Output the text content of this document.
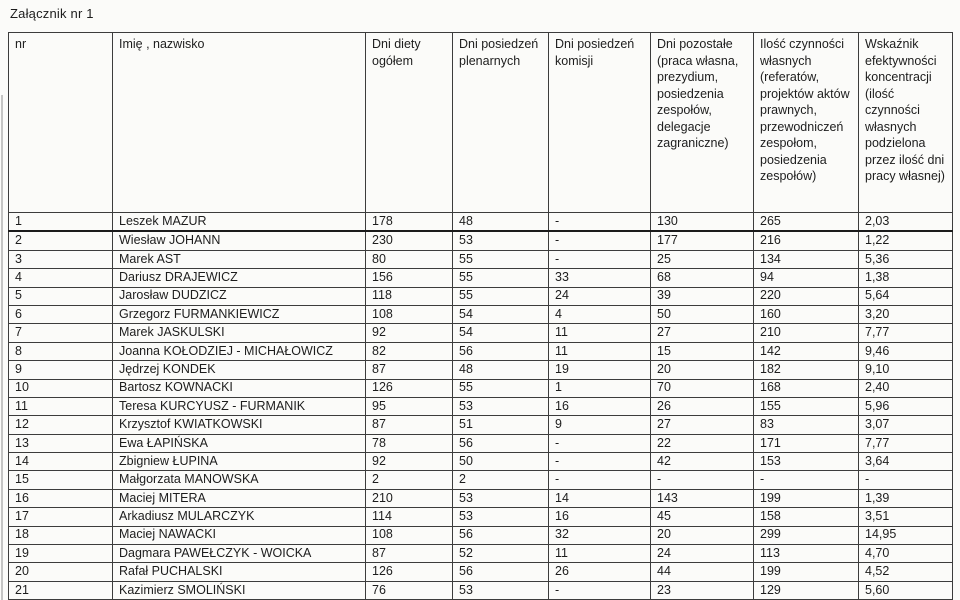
Załącznik nr 1
nr	Imię , nazwisko	Dni diety ogółem	Dni posiedzeń plenarnych	Dni posiedzeń komisji	Dni pozostałe (praca własna, prezydium, posiedzenia zespołów, delegacje zagraniczne)	Ilość czynności własnych (referatów, projektów aktów prawnych, przewodniczeń zespołom, posiedzenia zespołów)	Wskaźnik efektywności koncentracji (ilość czynności własnych podzielona przez ilość dni pracy własnej)
1	Leszek MAZUR	178	48	-	130	265	2,03
2	Wiesław JOHANN	230	53	-	177	216	1,22
3	Marek AST	80	55	-	25	134	5,36
4	Dariusz DRAJEWICZ	156	55	33	68	94	1,38
5	Jarosław DUDZICZ	118	55	24	39	220	5,64
6	Grzegorz FURMANKIEWICZ	108	54	4	50	160	3,20
7	Marek JASKULSKI	92	54	11	27	210	7,77
8	Joanna KOŁODZIEJ - MICHAŁOWICZ	82	56	11	15	142	9,46
9	Jędrzej KONDEK	87	48	19	20	182	9,10
10	Bartosz KOWNACKI	126	55	1	70	168	2,40
11	Teresa KURCYUSZ - FURMANIK	95	53	16	26	155	5,96
12	Krzysztof KWIATKOWSKI	87	51	9	27	83	3,07
13	Ewa ŁAPIŃSKA	78	56	-	22	171	7,77
14	Zbigniew ŁUPINA	92	50	-	42	153	3,64
15	Małgorzata MANOWSKA	2	2	-	-	-	-
16	Maciej MITERA	210	53	14	143	199	1,39
17	Arkadiusz MULARCZYK	114	53	16	45	158	3,51
18	Maciej NAWACKI	108	56	32	20	299	14,95
19	Dagmara PAWEŁCZYK - WOICKA	87	52	11	24	113	4,70
20	Rafał PUCHALSKI	126	56	26	44	199	4,52
21	Kazimierz SMOLIŃSKI	76	53	-	23	129	5,60
